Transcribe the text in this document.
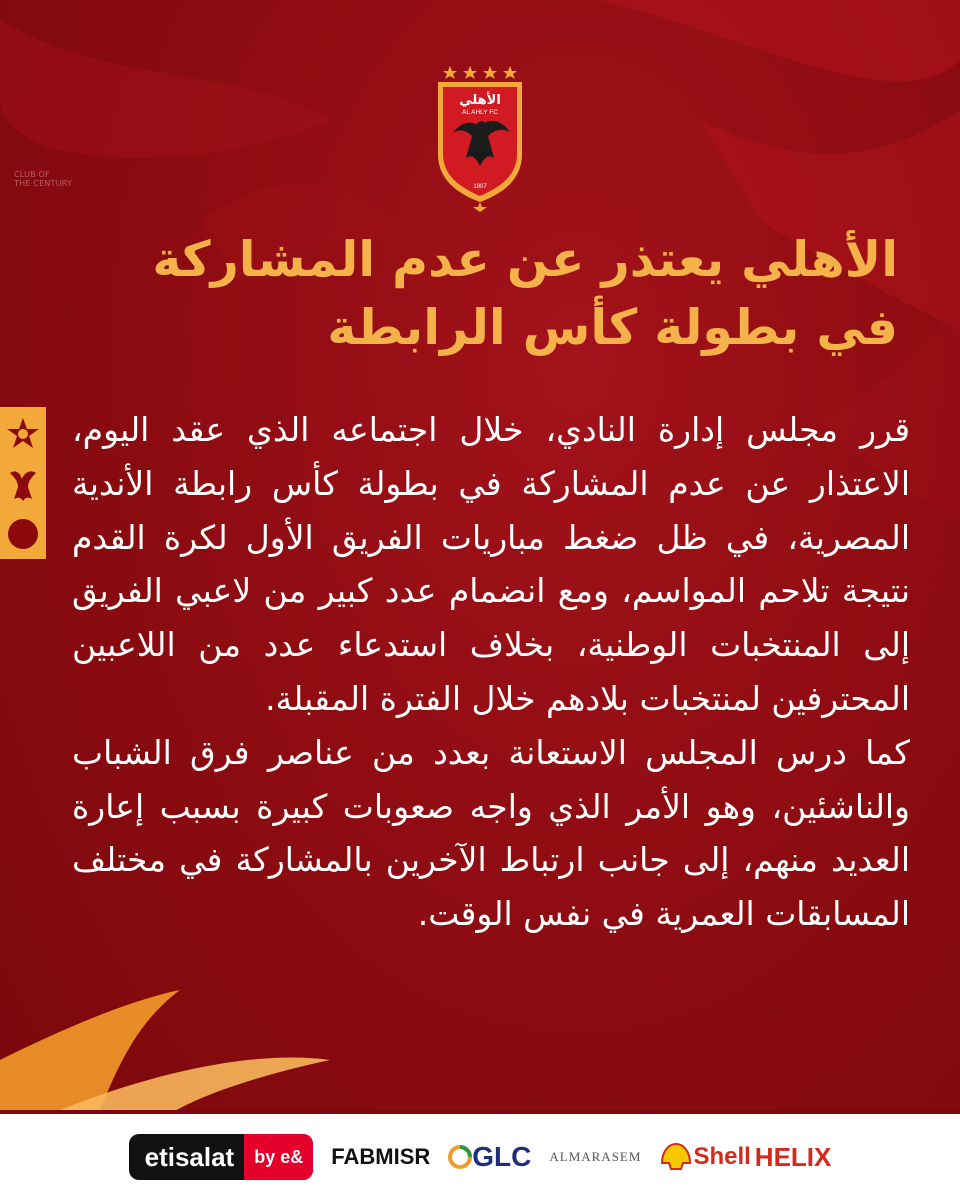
الأهلي
AL AHLY FC
1907
CLUB OF
THE CENTURY
الأهلي يعتذر عن عدم المشاركة
في بطولة كأس الرابطة

قرر مجلس إدارة النادي، خلال اجتماعه الذي عقد اليوم، الاعتذار عن عدم المشاركة في بطولة كأس رابطة الأندية المصرية، في ظل ضغط مباريات الفريق الأول لكرة القدم نتيجة تلاحم المواسم، ومع انضمام عدد كبير من لاعبي الفريق إلى المنتخبات الوطنية، بخلاف استدعاء عدد من اللاعبين المحترفين لمنتخبات بلادهم خلال الفترة المقبلة.

كما درس المجلس الاستعانة بعدد من عناصر فرق الشباب والناشئين، وهو الأمر الذي واجه صعوبات كبيرة بسبب إعارة العديد منهم، إلى جانب ارتباط الآخرين بالمشاركة في مختلف المسابقات العمرية في نفس الوقت.

etisalat	by e&	FABMISR GLC ALMARASEM Shell HELIX
